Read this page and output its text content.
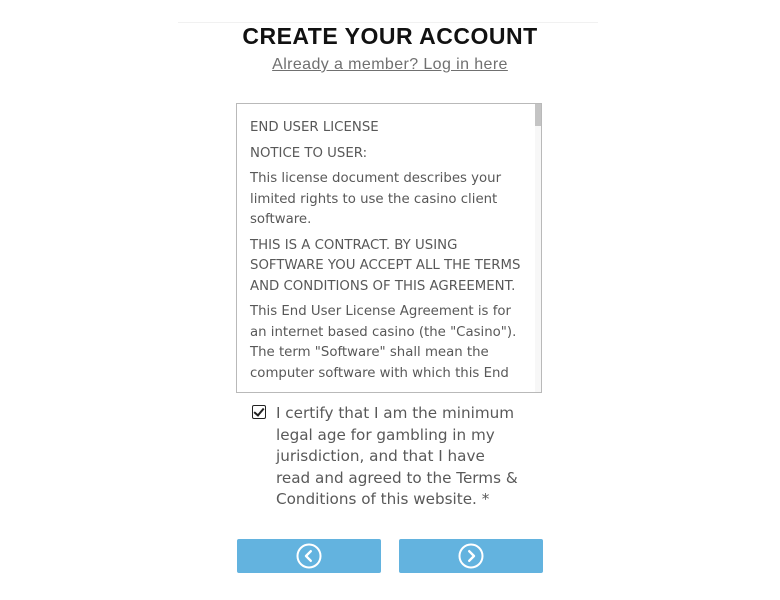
CREATE YOUR ACCOUNT
Already a member? Log in here

END USER LICENSE

NOTICE TO USER:

This license document describes your limited rights to use the casino client software.

THIS IS A CONTRACT. BY USING SOFTWARE YOU ACCEPT ALL THE TERMS AND CONDITIONS OF THIS AGREEMENT.

This End User License Agreement is for an internet based casino (the "Casino"). The term "Software" shall mean the computer software with which this End

I certify that I am the minimum legal age for gambling in my jurisdiction, and that I have read and agreed to the Terms & Conditions of this website. *
